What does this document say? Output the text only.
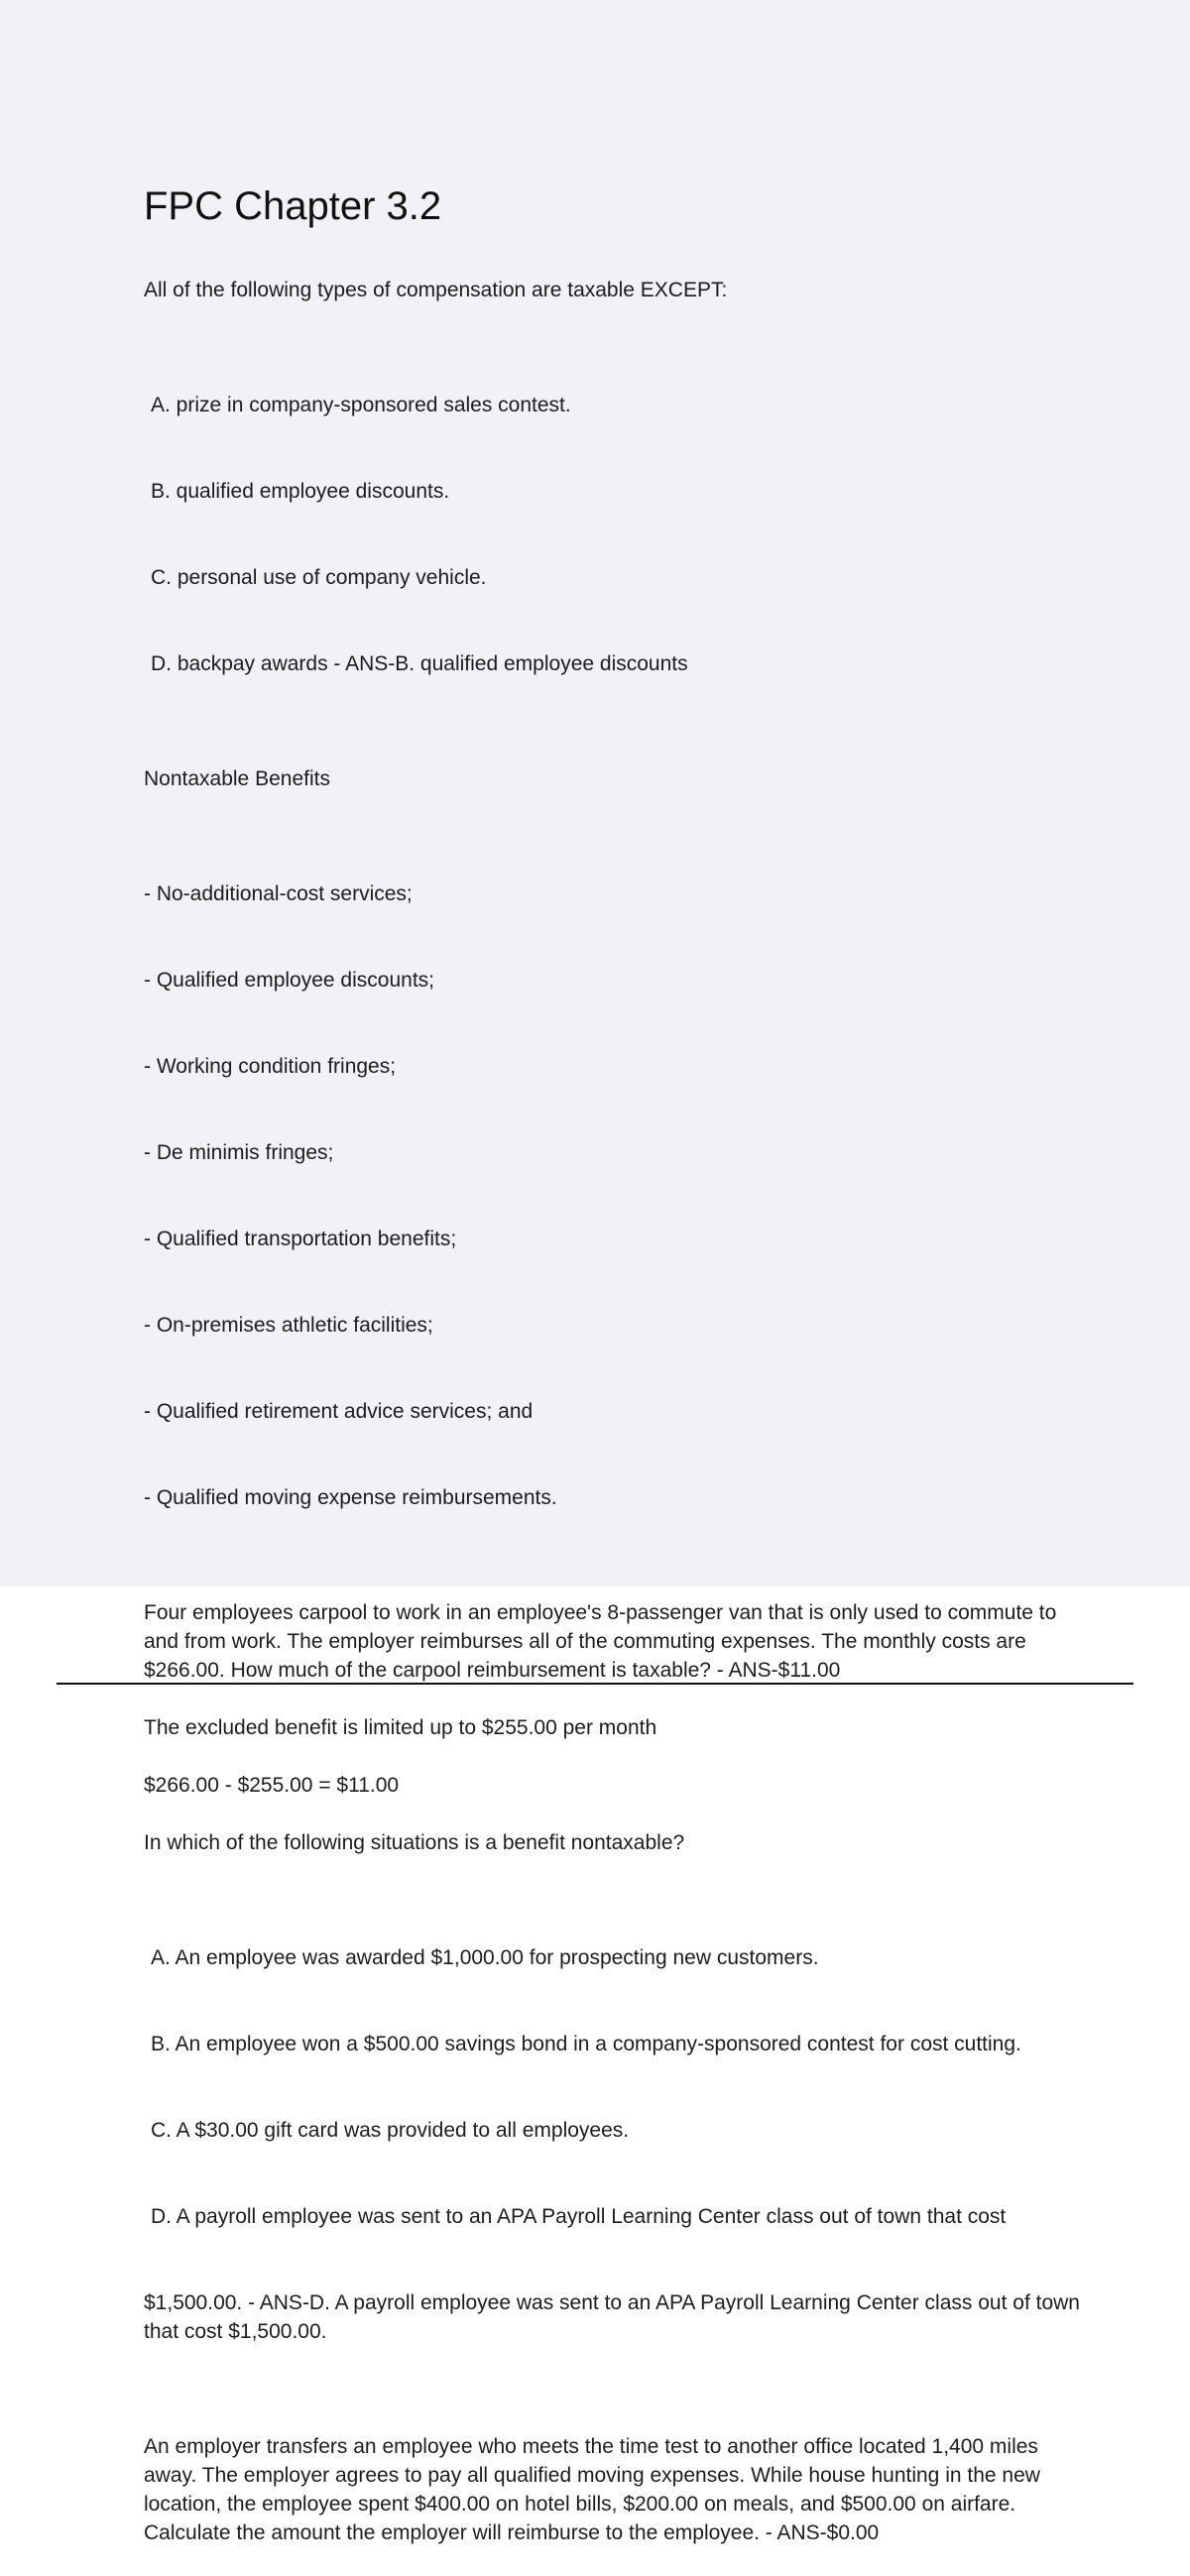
FPC Chapter 3.2

All of the following types of compensation are taxable EXCEPT:

A. prize in company-sponsored sales contest.

B. qualified employee discounts.

C. personal use of company vehicle.

D. backpay awards - ANS-B. qualified employee discounts

Nontaxable Benefits

- No-additional-cost services;

- Qualified employee discounts;

- Working condition fringes;

- De minimis fringes;

- Qualified transportation benefits;

- On-premises athletic facilities;

- Qualified retirement advice services; and

- Qualified moving expense reimbursements.

Four employees carpool to work in an employee's 8-passenger van that is only used to commute to and from work. The employer reimburses all of the commuting expenses. The monthly costs are $266.00. How much of the carpool reimbursement is taxable? - ANS-$11.00

The excluded benefit is limited up to $255.00 per month

$266.00 - $255.00 = $11.00

In which of the following situations is a benefit nontaxable?

A. An employee was awarded $1,000.00 for prospecting new customers.

B. An employee won a $500.00 savings bond in a company-sponsored contest for cost cutting.

C. A $30.00 gift card was provided to all employees.

D. A payroll employee was sent to an APA Payroll Learning Center class out of town that cost

$1,500.00. - ANS-D. A payroll employee was sent to an APA Payroll Learning Center class out of town that cost $1,500.00.

An employer transfers an employee who meets the time test to another office located 1,400 miles away. The employer agrees to pay all qualified moving expenses. While house hunting in the new location, the employee spent $400.00 on hotel bills, $200.00 on meals, and $500.00 on airfare. Calculate the amount the employer will reimburse to the employee. - ANS-$0.00
